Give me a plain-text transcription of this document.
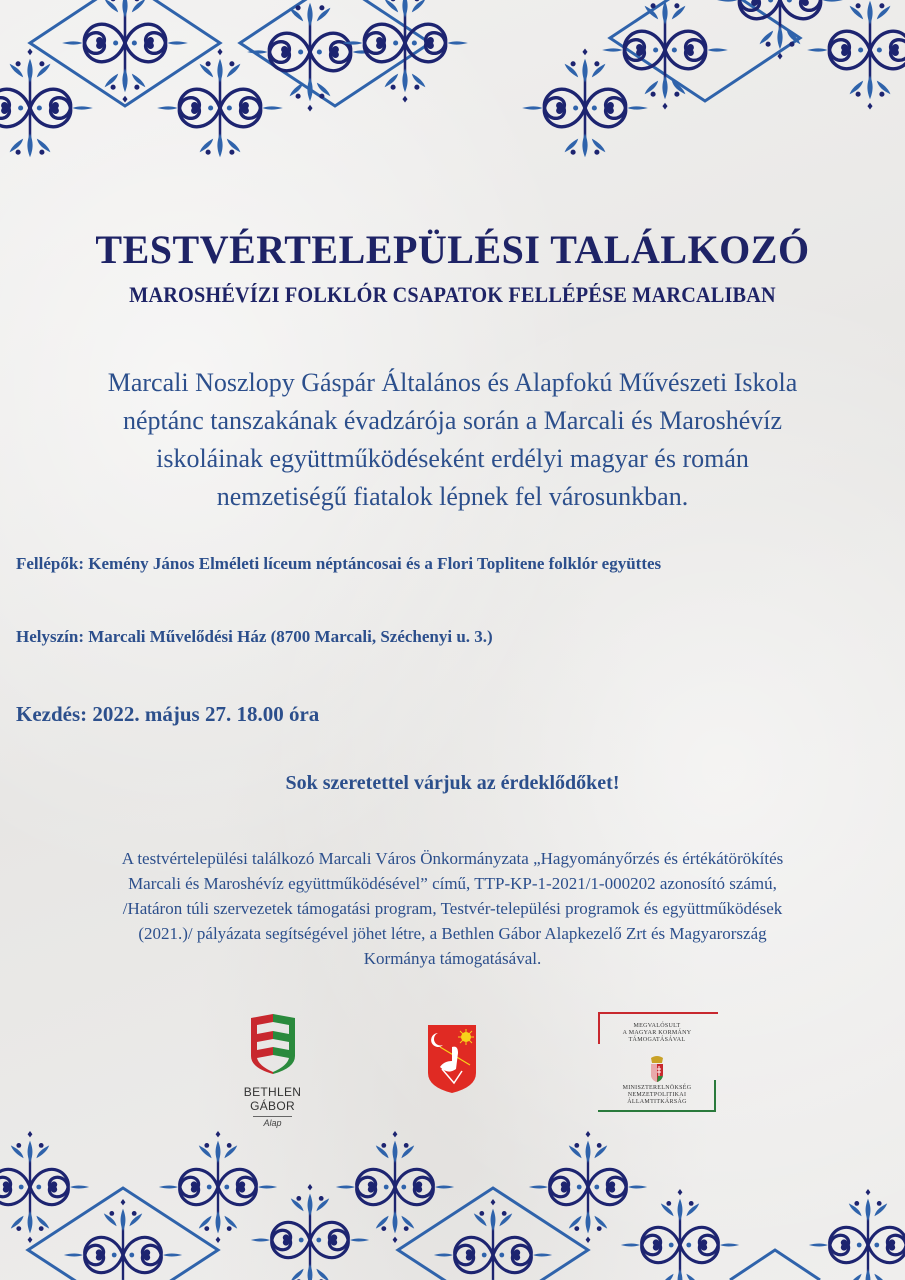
TESTVÉRTELEPÜLÉSI TALÁLKOZÓ
MAROSHÉVÍZI FOLKLÓR CSAPATOK FELLÉPÉSE MARCALIBAN
Marcali Noszlopy Gáspár Általános és Alapfokú Művészeti Iskola
néptánc tanszakának évadzárója során a Marcali és Maroshévíz
iskoláinak együttműködéseként erdélyi magyar és román
nemzetiségű fiatalok lépnek fel városunkban.
Fellépők: Kemény János Elméleti líceum néptáncosai és a Flori Toplitene folklór együttes
Helyszín: Marcali Művelődési Ház (8700 Marcali, Széchenyi u. 3.)
Kezdés: 2022. május 27. 18.00 óra
Sok szeretettel várjuk az érdeklődőket!
A testvértelepülési találkozó Marcali Város Önkormányzata „Hagyományőrzés és értékátörökítés
Marcali és Maroshévíz együttműködésével” című, TTP-KP-1-2021/1-000202 azonosító számú,
/Határon túli szervezetek támogatási program, Testvér-települési programok és együttműködések
(2021.)/ pályázata segítségével jöhet létre, a Bethlen Gábor Alapkezelő Zrt és Magyarország
Kormánya támogatásával.
BETHLEN GÁBOR
Alap
MEGVALÓSULT
A MAGYAR KORMÁNY
TÁMOGATÁSÁVAL
MINISZTERELNÖKSÉG
NEMZETPOLITIKAI ÁLLAMTITKÁRSÁG
